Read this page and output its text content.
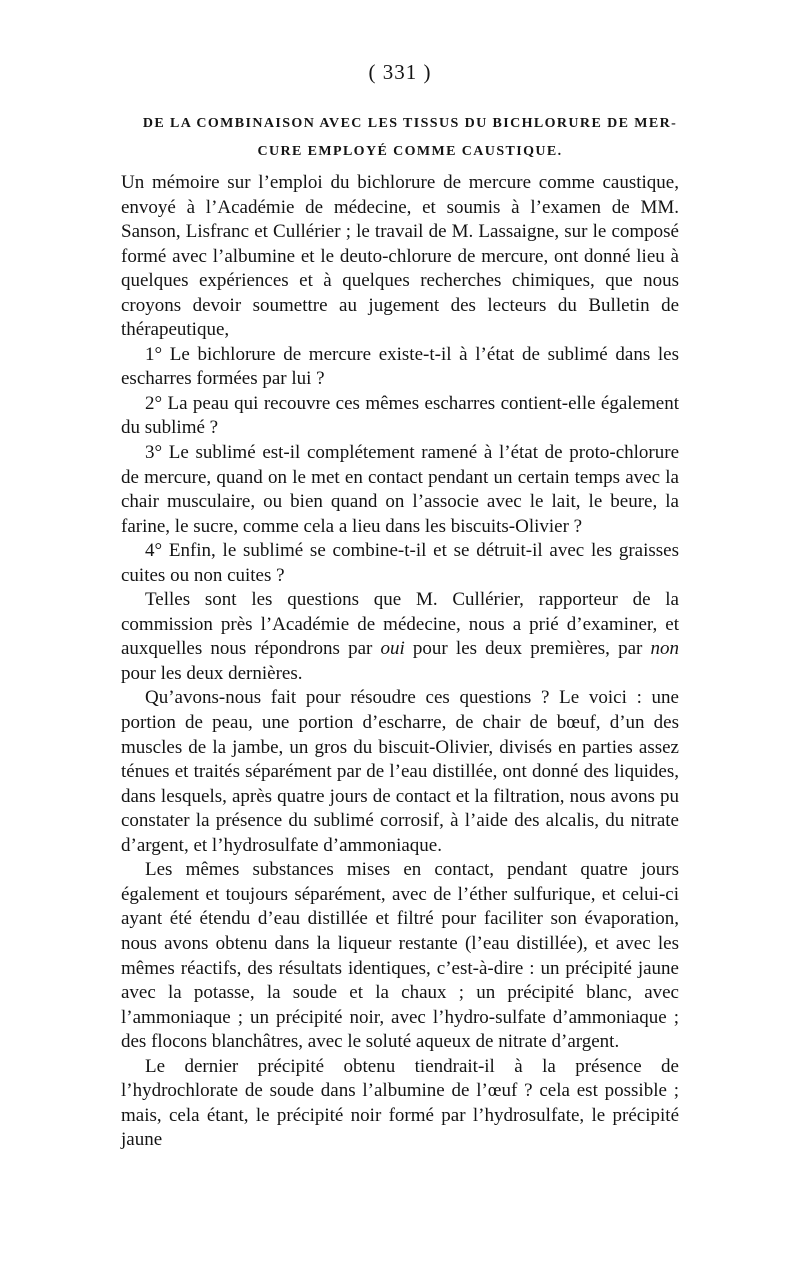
( 331 )

DE LA COMBINAISON AVEC LES TISSUS DU BICHLORURE DE MER-

CURE EMPLOYÉ COMME CAUSTIQUE.

Un mémoire sur l’emploi du bichlorure de mercure comme caustique, envoyé à l’Académie de médecine, et soumis à l’examen de MM. Sanson, Lisfranc et Cullérier ; le travail de M. Lassaigne, sur le composé formé avec l’albumine et le deuto-chlorure de mercure, ont donné lieu à quelques expériences et à quelques recherches chimiques, que nous croyons devoir soumettre au jugement des lecteurs du Bulletin de thérapeutique,

1° Le bichlorure de mercure existe-t-il à l’état de sublimé dans les escharres formées par lui ?

2° La peau qui recouvre ces mêmes escharres contient-elle également du sublimé ?

3° Le sublimé est-il complétement ramené à l’état de proto-chlorure de mercure, quand on le met en contact pendant un certain temps avec la chair musculaire, ou bien quand on l’associe avec le lait, le beure, la farine, le sucre, comme cela a lieu dans les biscuits-Olivier ?

4° Enfin, le sublimé se combine-t-il et se détruit-il avec les graisses cuites ou non cuites ?

Telles sont les questions que M. Cullérier, rapporteur de la commission près l’Académie de médecine, nous a prié d’examiner, et auxquelles nous répondrons par oui pour les deux premières, par non pour les deux dernières.

Qu’avons-nous fait pour résoudre ces questions ? Le voici : une portion de peau, une portion d’escharre, de chair de bœuf, d’un des muscles de la jambe, un gros du biscuit-Olivier, divisés en parties assez ténues et traités séparément par de l’eau distillée, ont donné des liquides, dans lesquels, après quatre jours de contact et la filtration, nous avons pu constater la présence du sublimé corrosif, à l’aide des alcalis, du nitrate d’argent, et l’hydrosulfate d’ammoniaque.

Les mêmes substances mises en contact, pendant quatre jours également et toujours séparément, avec de l’éther sulfurique, et celui-ci ayant été étendu d’eau distillée et filtré pour faciliter son évaporation, nous avons obtenu dans la liqueur restante (l’eau distillée), et avec les mêmes réactifs, des résultats identiques, c’est-à-dire : un précipité jaune avec la potasse, la soude et la chaux ; un précipité blanc, avec l’ammoniaque ; un précipité noir, avec l’hydro-sulfate d’ammoniaque ; des flocons blanchâtres, avec le soluté aqueux de nitrate d’argent.

Le dernier précipité obtenu tiendrait-il à la présence de l’hydrochlorate de soude dans l’albumine de l’œuf ? cela est possible ; mais, cela étant, le précipité noir formé par l’hydrosulfate, le précipité jaune
